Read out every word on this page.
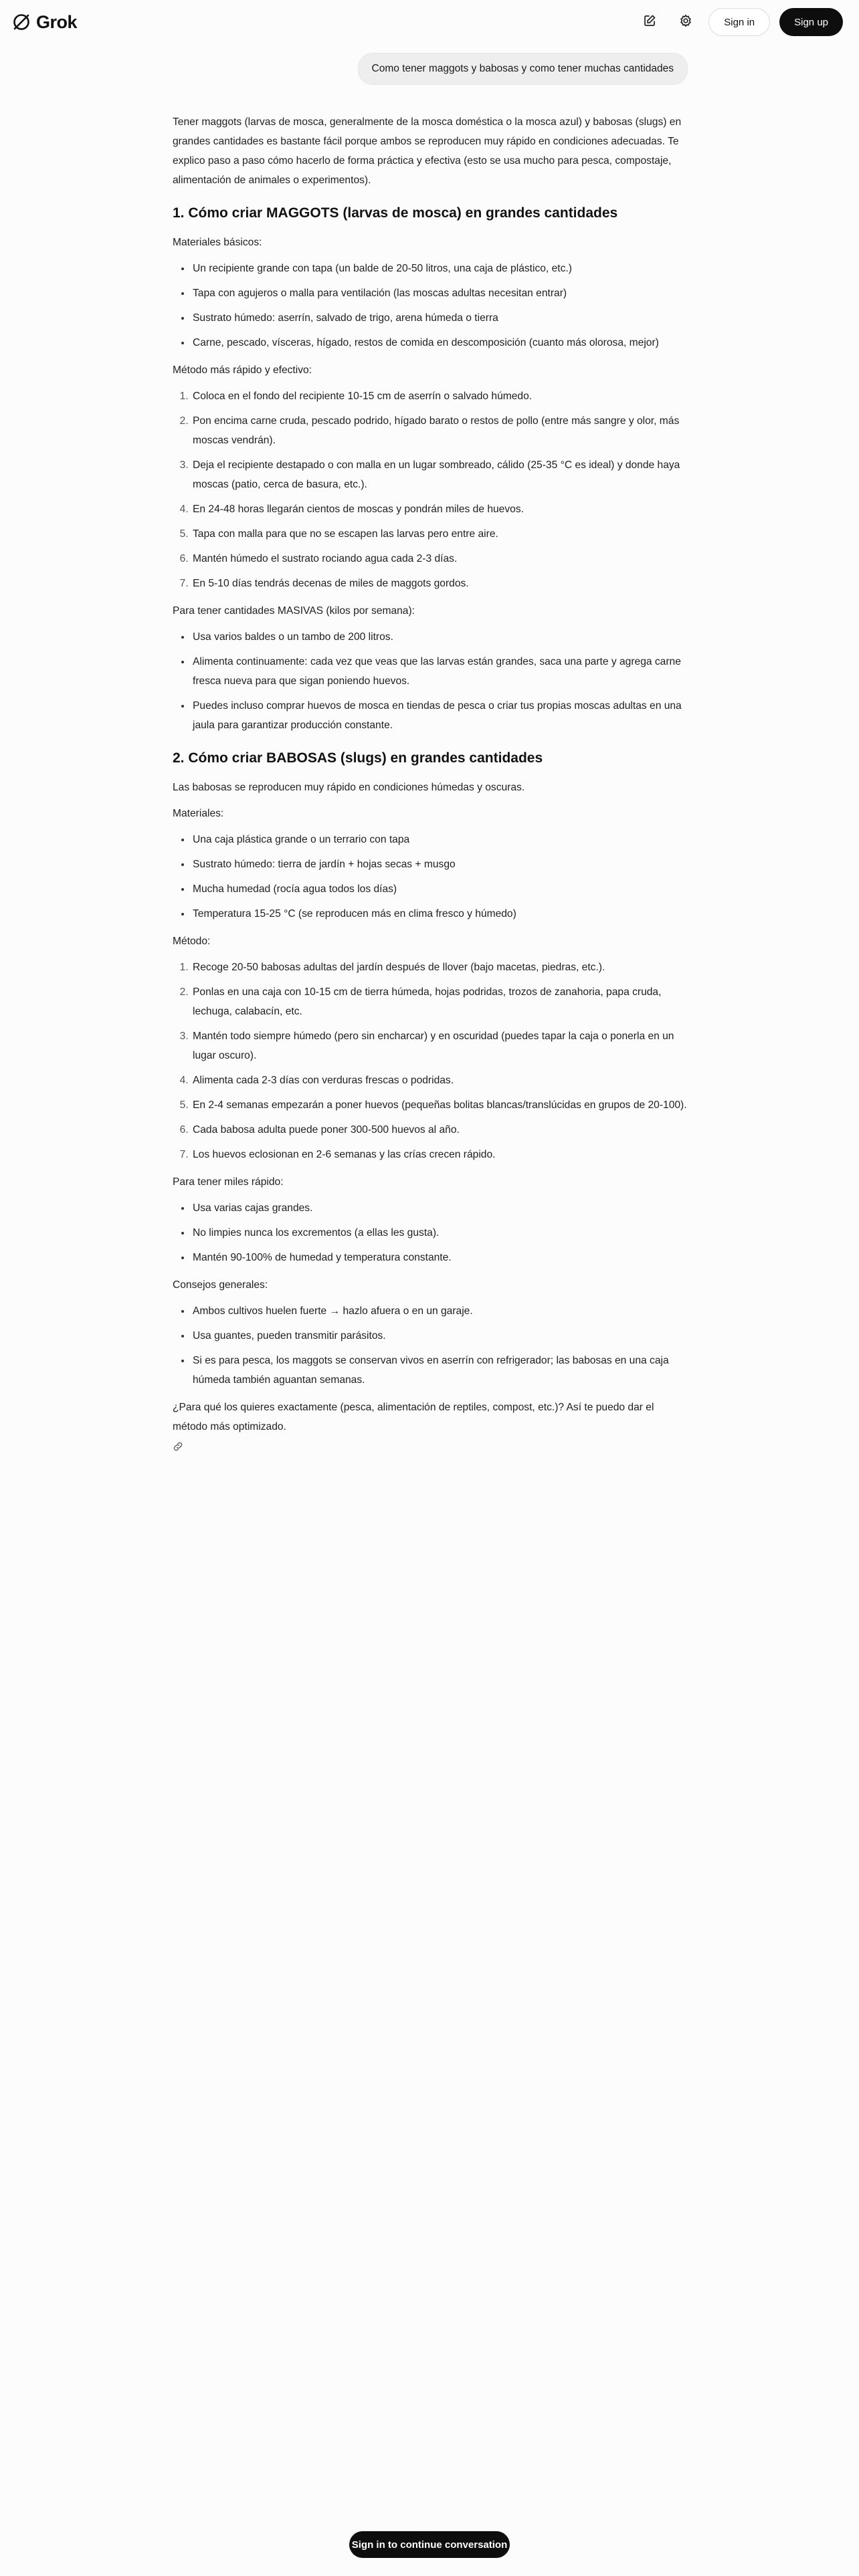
Grok	Sign in	Sign up
Como tener maggots y babosas y como tener muchas cantidades

Tener maggots (larvas de mosca, generalmente de la mosca doméstica o la mosca azul) y babosas (slugs) en grandes cantidades es bastante fácil porque ambos se reproducen muy rápido en condiciones adecuadas. Te explico paso a paso cómo hacerlo de forma práctica y efectiva (esto se usa mucho para pesca, compostaje, alimentación de animales o experimentos).

1. Cómo criar MAGGOTS (larvas de mosca) en grandes cantidades

Materiales básicos:

• Un recipiente grande con tapa (un balde de 20-50 litros, una caja de plástico, etc.)
• Tapa con agujeros o malla para ventilación (las moscas adultas necesitan entrar)
• Sustrato húmedo: aserrín, salvado de trigo, arena húmeda o tierra
• Carne, pescado, vísceras, hígado, restos de comida en descomposición (cuanto más olorosa, mejor)

Método más rápido y efectivo:

1. Coloca en el fondo del recipiente 10-15 cm de aserrín o salvado húmedo.
2. Pon encima carne cruda, pescado podrido, hígado barato o restos de pollo (entre más sangre y olor, más moscas vendrán).
3. Deja el recipiente destapado o con malla en un lugar sombreado, cálido (25-35 °C es ideal) y donde haya moscas (patio, cerca de basura, etc.).
4. En 24-48 horas llegarán cientos de moscas y pondrán miles de huevos.
5. Tapa con malla para que no se escapen las larvas pero entre aire.
6. Mantén húmedo el sustrato rociando agua cada 2-3 días.
7. En 5-10 días tendrás decenas de miles de maggots gordos.

Para tener cantidades MASIVAS (kilos por semana):

• Usa varios baldes o un tambo de 200 litros.
• Alimenta continuamente: cada vez que veas que las larvas están grandes, saca una parte y agrega carne fresca nueva para que sigan poniendo huevos.
• Puedes incluso comprar huevos de mosca en tiendas de pesca o criar tus propias moscas adultas en una jaula para garantizar producción constante.
2. Cómo criar BABOSAS (slugs) en grandes cantidades

Las babosas se reproducen muy rápido en condiciones húmedas y oscuras.

Materiales:

• Una caja plástica grande o un terrario con tapa
• Sustrato húmedo: tierra de jardín + hojas secas + musgo
• Mucha humedad (rocía agua todos los días)
• Temperatura 15-25 °C (se reproducen más en clima fresco y húmedo)

Método:

1. Recoge 20-50 babosas adultas del jardín después de llover (bajo macetas, piedras, etc.).
2. Ponlas en una caja con 10-15 cm de tierra húmeda, hojas podridas, trozos de zanahoria, papa cruda, lechuga, calabacín, etc.
3. Mantén todo siempre húmedo (pero sin encharcar) y en oscuridad (puedes tapar la caja o ponerla en un lugar oscuro).
4. Alimenta cada 2-3 días con verduras frescas o podridas.
5. En 2-4 semanas empezarán a poner huevos (pequeñas bolitas blancas/translúcidas en grupos de 20-100).
6. Cada babosa adulta puede poner 300-500 huevos al año.
7. Los huevos eclosionan en 2-6 semanas y las crías crecen rápido.

Para tener miles rápido:

• Usa varias cajas grandes.
• No limpies nunca los excrementos (a ellas les gusta).
• Mantén 90-100% de humedad y temperatura constante.

Consejos generales:

• Ambos cultivos huelen fuerte → hazlo afuera o en un garaje.
• Usa guantes, pueden transmitir parásitos.
• Si es para pesca, los maggots se conservan vivos en aserrín con refrigerador; las babosas en una caja húmeda también aguantan semanas.

¿Para qué los quieres exactamente (pesca, alimentación de reptiles, compost, etc.)? Así te puedo dar el método más optimizado.

Sign in to continue conversation
